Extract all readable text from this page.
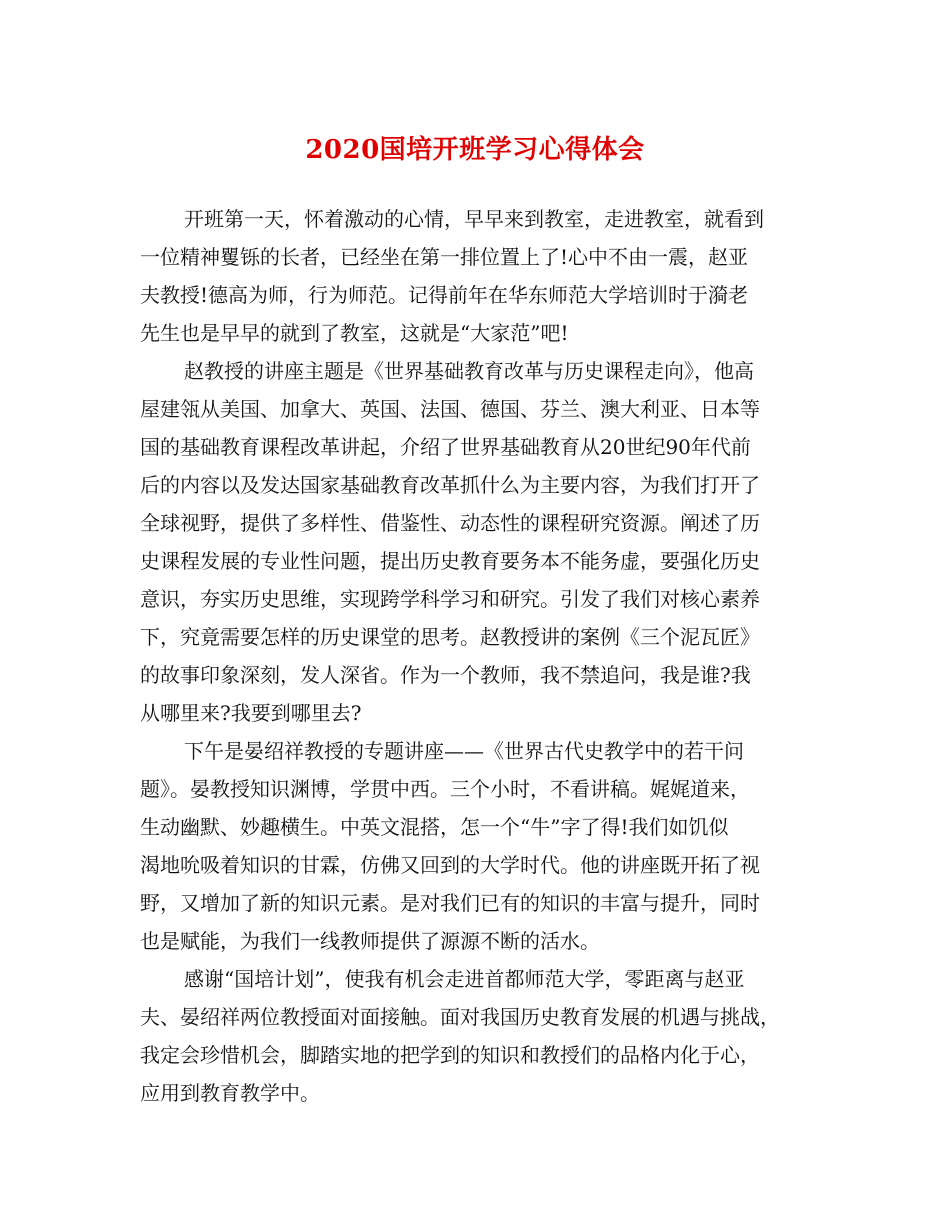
2020国培开班学习心得体会
开班第一天，怀着激动的心情，早早来到教室，走进教室，就看到
一位精神矍铄的长者，已经坐在第一排位置上了!心中不由一震，赵亚
夫教授!德高为师，行为师范。记得前年在华东师范大学培训时于漪老
先生也是早早的就到了教室，这就是“大家范”吧!
赵教授的讲座主题是《世界基础教育改革与历史课程走向》，他高
屋建瓴从美国、加拿大、英国、法国、德国、芬兰、澳大利亚、日本等
国的基础教育课程改革讲起，介绍了世界基础教育从20世纪90年代前
后的内容以及发达国家基础教育改革抓什么为主要内容，为我们打开了
全球视野，提供了多样性、借鉴性、动态性的课程研究资源。阐述了历
史课程发展的专业性问题，提出历史教育要务本不能务虚，要强化历史
意识，夯实历史思维，实现跨学科学习和研究。引发了我们对核心素养
下，究竟需要怎样的历史课堂的思考。赵教授讲的案例《三个泥瓦匠》
的故事印象深刻，发人深省。作为一个教师，我不禁追问，我是谁?我
从哪里来?我要到哪里去?
下午是晏绍祥教授的专题讲座——《世界古代史教学中的若干问
题》。晏教授知识渊博，学贯中西。三个小时，不看讲稿。娓娓道来，
生动幽默、妙趣横生。中英文混搭，怎一个“牛”字了得!我们如饥似
渴地吮吸着知识的甘霖，仿佛又回到的大学时代。他的讲座既开拓了视
野，又增加了新的知识元素。是对我们已有的知识的丰富与提升，同时
也是赋能，为我们一线教师提供了源源不断的活水。
感谢“国培计划”，使我有机会走进首都师范大学，零距离与赵亚
夫、晏绍祥两位教授面对面接触。面对我国历史教育发展的机遇与挑战，
我定会珍惜机会，脚踏实地的把学到的知识和教授们的品格内化于心，
应用到教育教学中。
